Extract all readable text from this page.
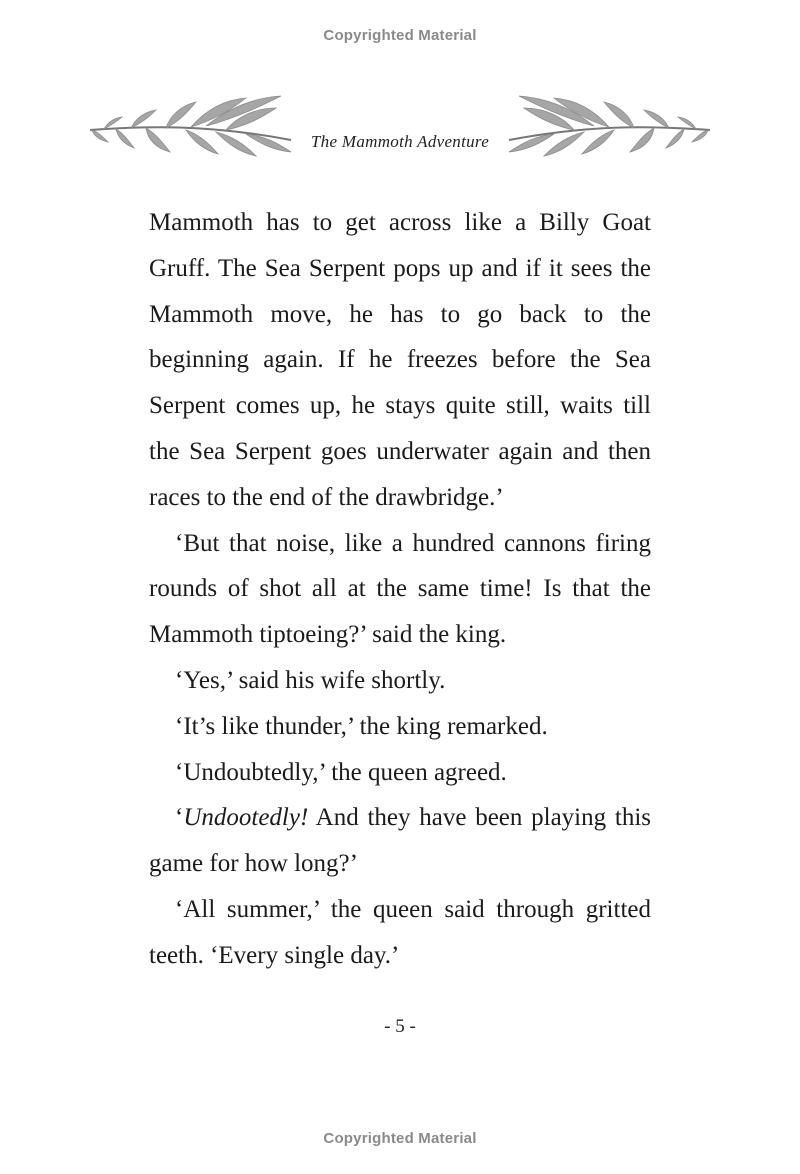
Copyrighted Material
The Mammoth Adventure

Mammoth has to get across like a Billy Goat Gruff. The Sea Serpent pops up and if it sees the Mammoth move, he has to go back to the beginning again. If he freezes before the Sea Serpent comes up, he stays quite still, waits till the Sea Serpent goes underwater again and then races to the end of the drawbridge.’

‘But that noise, like a hundred cannons firing rounds of shot all at the same time! Is that the Mammoth tiptoeing?’ said the king.

‘Yes,’ said his wife shortly.

‘It’s like thunder,’ the king remarked.

‘Undoubtedly,’ the queen agreed.

‘Undootedly! And they have been playing this game for how long?’

‘All summer,’ the queen said through gritted teeth. ‘Every single day.’

- 5 -
Copyrighted Material
